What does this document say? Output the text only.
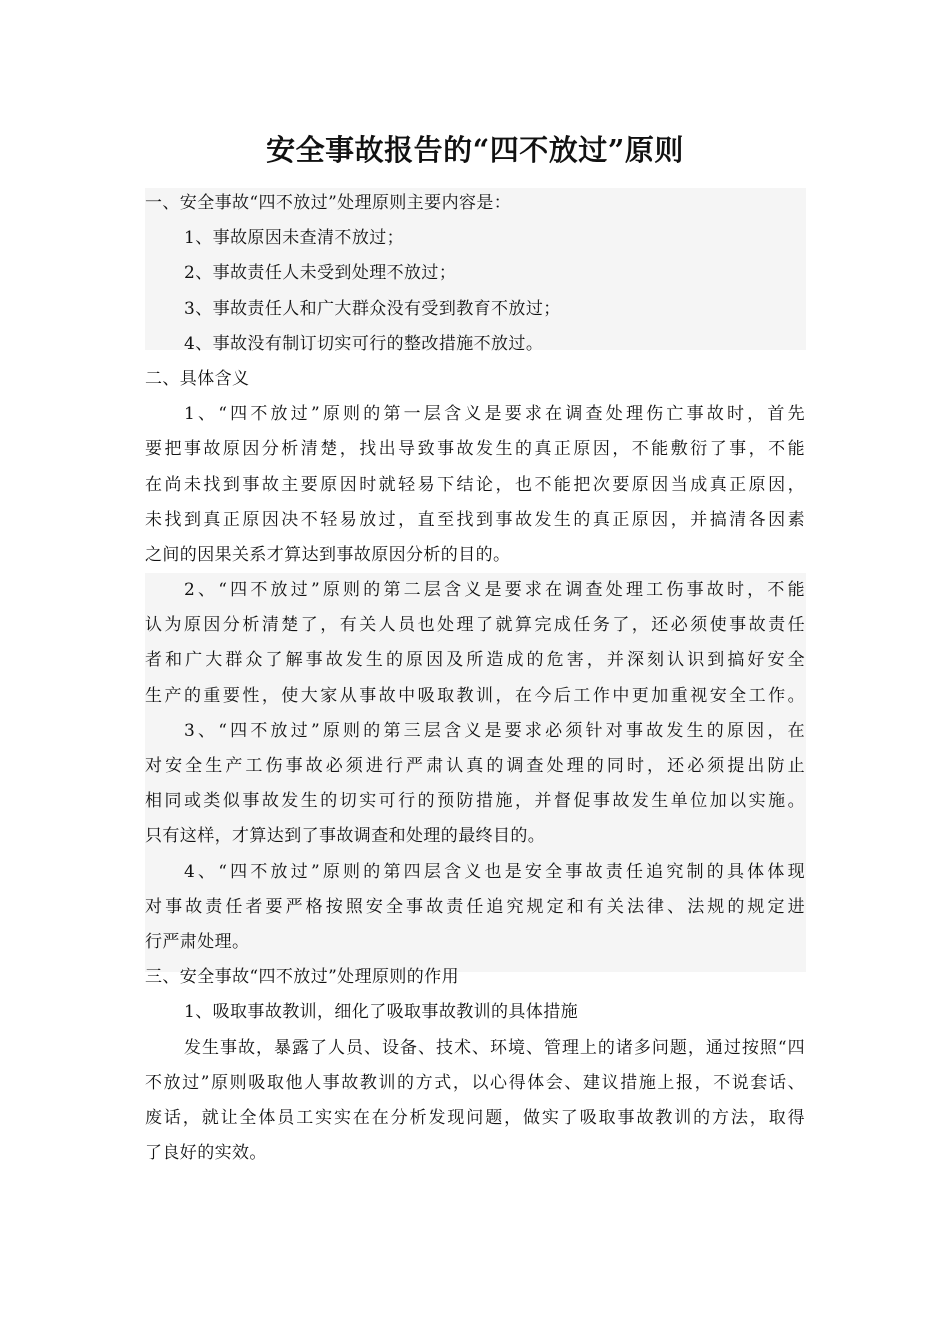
安全事故报告的“四不放过”原则
一、安全事故“四不放过”处理原则主要内容是：
1、事故原因未查清不放过；
2、事故责任人未受到处理不放过；
3、事故责任人和广大群众没有受到教育不放过；
4、事故没有制订切实可行的整改措施不放过。
二、具体含义
1、“四不放过”原则的第一层含义是要求在调查处理伤亡事故时，首先
要把事故原因分析清楚，找出导致事故发生的真正原因，不能敷衍了事，不能
在尚未找到事故主要原因时就轻易下结论，也不能把次要原因当成真正原因，
未找到真正原因决不轻易放过，直至找到事故发生的真正原因，并搞清各因素
之间的因果关系才算达到事故原因分析的目的。
2、“四不放过”原则的第二层含义是要求在调查处理工伤事故时，不能
认为原因分析清楚了，有关人员也处理了就算完成任务了，还必须使事故责任
者和广大群众了解事故发生的原因及所造成的危害，并深刻认识到搞好安全
生产的重要性，使大家从事故中吸取教训，在今后工作中更加重视安全工作。
3、“四不放过”原则的第三层含义是要求必须针对事故发生的原因，在
对安全生产工伤事故必须进行严肃认真的调查处理的同时，还必须提出防止
相同或类似事故发生的切实可行的预防措施，并督促事故发生单位加以实施。
只有这样，才算达到了事故调查和处理的最终目的。
4、“四不放过”原则的第四层含义也是安全事故责任追究制的具体体现
对事故责任者要严格按照安全事故责任追究规定和有关法律、法规的规定进
行严肃处理。
三、安全事故“四不放过”处理原则的作用
1、吸取事故教训，细化了吸取事故教训的具体措施
发生事故，暴露了人员、设备、技术、环境、管理上的诸多问题，通过按照“四
不放过”原则吸取他人事故教训的方式，以心得体会、建议措施上报，不说套话、
废话，就让全体员工实实在在分析发现问题，做实了吸取事故教训的方法，取得
了良好的实效。
